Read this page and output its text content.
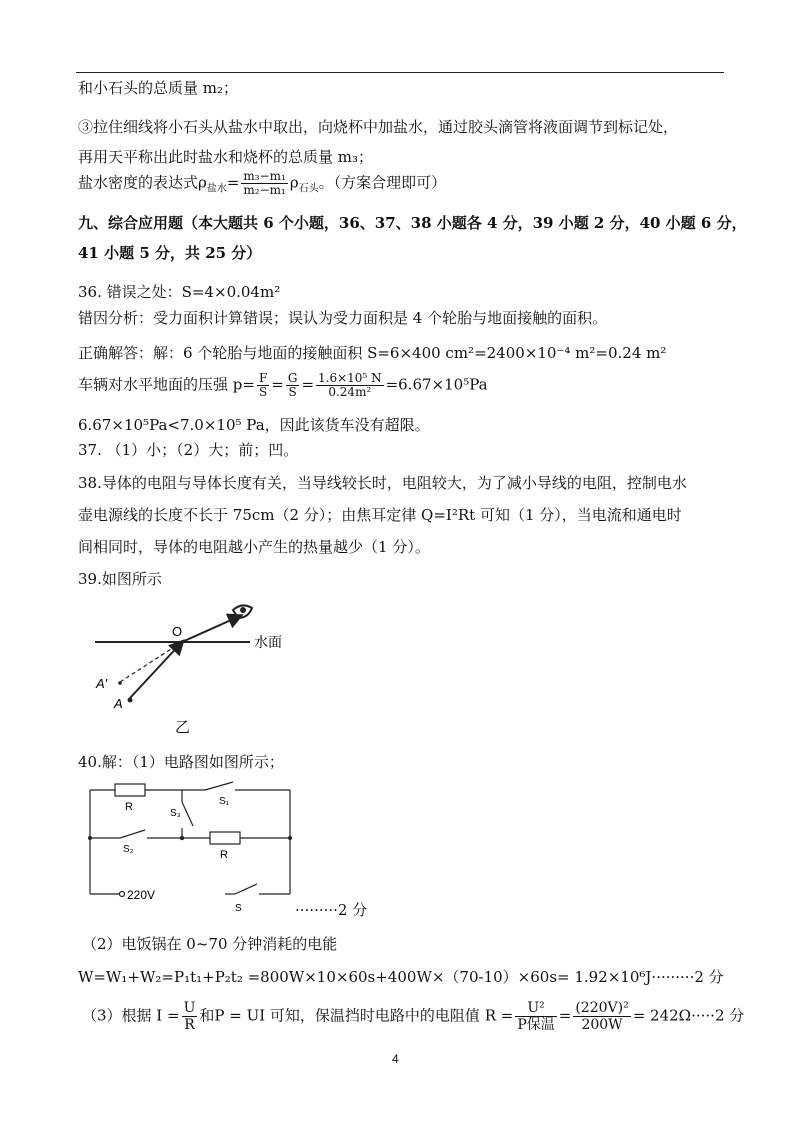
和小石头的总质量 m₂；
③拉住细线将小石头从盐水中取出，向烧杯中加盐水，通过胶头滴管将液面调节到标记处，
再用天平称出此时盐水和烧杯的总质量 m₃；
盐水密度的表达式$\rho_{盐水}= \frac{\text{m₃−m₁}}{\text{m₂−m₁}} \rho_{石头}$。（方案合理即可）
九、综合应用题（本大题共 6 个小题，36、37、38 小题各 4 分，39 小题 2 分，40 小题 6 分，
41 小题 5 分，共 25 分）
36. 错误之处：S=4×0.04m²
错因分析：受力面积计算错误；误认为受力面积是 4 个轮胎与地面接触的面积。
正确解答：解：6 个轮胎与地面的接触面积 S=6×400 cm²=2400×10⁻⁴ m²=0.24 m²
车辆对水平地面的压强 $p= \frac{F}{S} = \frac{G}{S} = \frac{\text{1.6×10⁵ N}}{\text{0.24m²}} =6.67\times 10^5Pa$
6.67×10⁵Pa<7.0×10⁵ Pa，因此该货车没有超限。
37. （1）小；（2）大；前；凹。
38.导体的电阻与导体长度有关，当导线较长时，电阻较大，为了减小导线的电阻，控制电水
壶电源线的长度不长于 75cm（2 分）；由焦耳定律 Q=I²Rt 可知（1 分），当电流和通电时
间相同时，导体的电阻越小产生的热量越少（1 分）。
39.如图所示
O
水面
A′
A
乙
40.解：（1）电路图如图所示；
R
S₃
S₁
S₂	R
220V
S	·········2 分
（2）电饭锅在 0~70 分钟消耗的电能
W=W₁+W₂=P₁t₁+P₂t₂ =800W×10×60s+400W×（70-10）×60s= 1.92×10⁶J·········2 分
（3）根据 $I = \frac{U}{R}$ 和P = UI 可知，保温挡时电路中的电阻值 $R = \frac{\text{U²}}{\text{P保温}} = \frac{\text{(220V)²}}{200W} = 242\Omega\cdot\cdot\cdot\cdot\cdot 2$ 分
4
